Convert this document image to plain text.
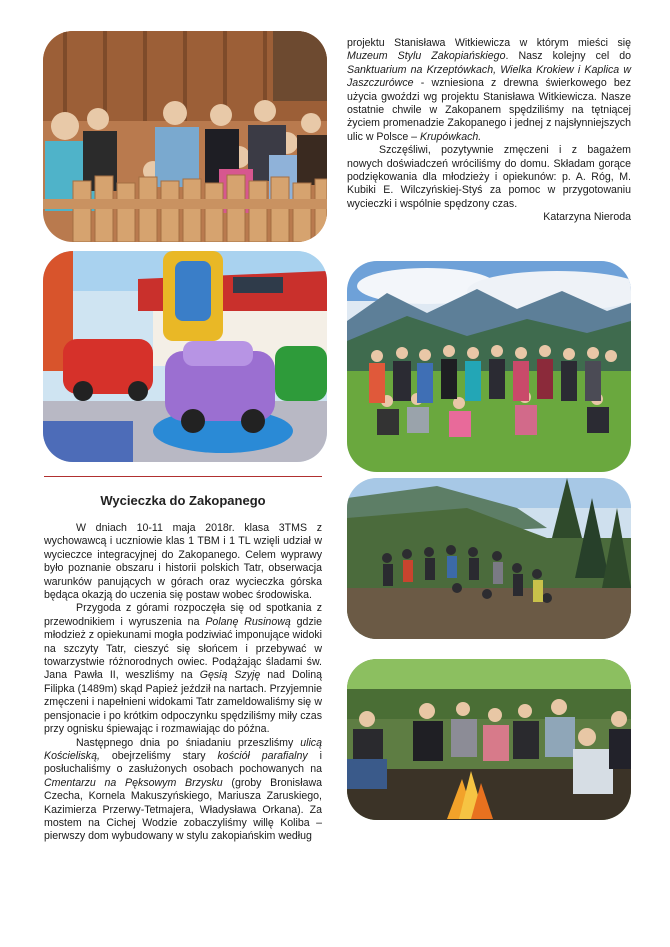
projektu Stanisława Witkiewicza w którym mieści się Muzeum Stylu Zakopiańskiego. Nasz kolejny cel do Sanktuarium na Krzeptówkach, Wielka Krokiew i Kaplica w Jaszczurówce - wzniesiona z drewna świerkowego bez użycia gwoździ wg projektu Stanisława Witkiewicza. Nasze ostatnie chwile w Zakopanem spędziliśmy na tętniącej życiem promenadzie Zakopanego i jednej z najsłynniejszych ulic w Polsce – Krupówkach.

Szczęśliwi, pozytywnie zmęczeni i z bagażem nowych doświadczeń wróciliśmy do domu. Składam gorące podziękowania dla młodzieży i opiekunów: p. A. Róg, M. Kubiki E. Wilczyńskiej-Styś za pomoc w przygotowaniu wycieczki i wspólnie spędzony czas.

Katarzyna Nieroda

Wycieczka do Zakopanego

W dniach 10-11 maja 2018r. klasa 3TMS z wychowawcą i uczniowie klas 1 TBM i 1 TL wzięli udział w wycieczce integracyjnej do Zakopanego. Celem wyprawy było poznanie obszaru i historii polskich Tatr, obserwacja warunków panujących w górach oraz wycieczka górska będąca okazją do uczenia się postaw wobec środowiska.

Przygoda z górami rozpoczęła się od spotkania z przewodnikiem i wyruszenia na Polanę Rusinową gdzie młodzież z opiekunami mogła podziwiać imponujące widoki na szczyty Tatr, cieszyć się słońcem i przebywać w towarzystwie różnorodnych owiec. Podążając śladami św. Jana Pawła II, weszliśmy na Gęsią Szyję nad Doliną Filipka (1489m) skąd Papież jeździł na nartach. Przyjemnie zmęczeni i napełnieni widokami Tatr zameldowaliśmy się w pensjonacie i po krótkim odpoczynku spędziliśmy miły czas przy ognisku śpiewając i rozmawiając do późna.

Następnego dnia po śniadaniu przeszliśmy ulicą Kościeliską, obejrzeliśmy stary kościół parafialny i posłuchaliśmy o zasłużonych osobach pochowanych na Cmentarzu na Pęksowym Brzysku (groby Bronisława Czecha, Kornela Makuszyńskiego, Mariusza Zaruskiego, Kazimierza Przerwy-Tetmajera, Władysława Orkana). Za mostem na Cichej Wodzie zobaczyliśmy willę Koliba – pierwszy dom wybudowany w stylu zakopiańskim według
